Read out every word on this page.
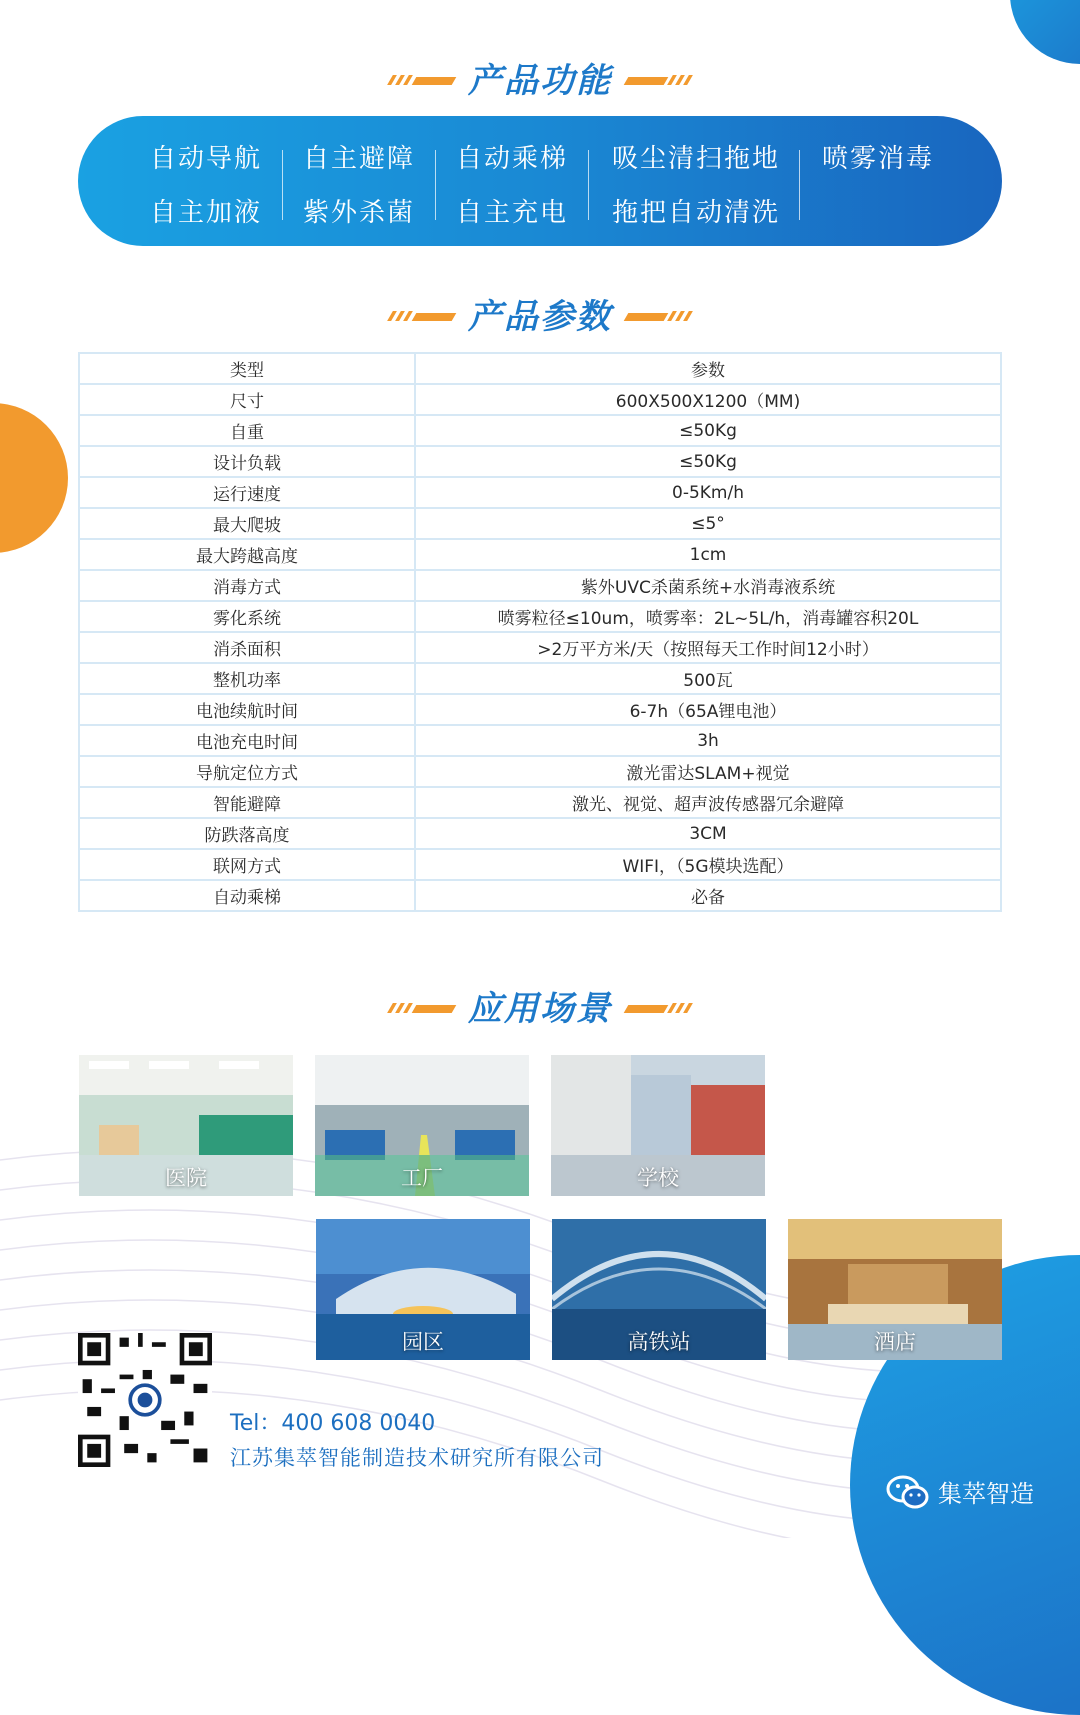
产品功能
自动导航
自主加液
自主避障
紫外杀菌
自动乘梯
自主充电
吸尘清扫拖地
拖把自动清洗
喷雾消毒
产品参数
类型	参数
尺寸	600X500X1200（MM)
自重	≤50Kg
设计负载	≤50Kg
运行速度	0-5Km/h
最大爬坡	≤5°
最大跨越高度	1cm
消毒方式	紫外UVC杀菌系统+水消毒液系统
雾化系统	喷雾粒径≤10um，喷雾率：2L~5L/h，消毒罐容积20L
消杀面积	>2万平方米/天（按照每天工作时间12小时）
整机功率	500瓦
电池续航时间	6-7h（65A锂电池）
电池充电时间	3h
导航定位方式	激光雷达SLAM+视觉
智能避障	激光、视觉、超声波传感器冗余避障
防跌落高度	3CM
联网方式	WIFI，（5G模块选配）
自动乘梯	必备
应用场景
医院	工厂	学校
园区	高铁站	酒店
Tel：400 608 0040
江苏集萃智能制造技术研究所有限公司
集萃智造
